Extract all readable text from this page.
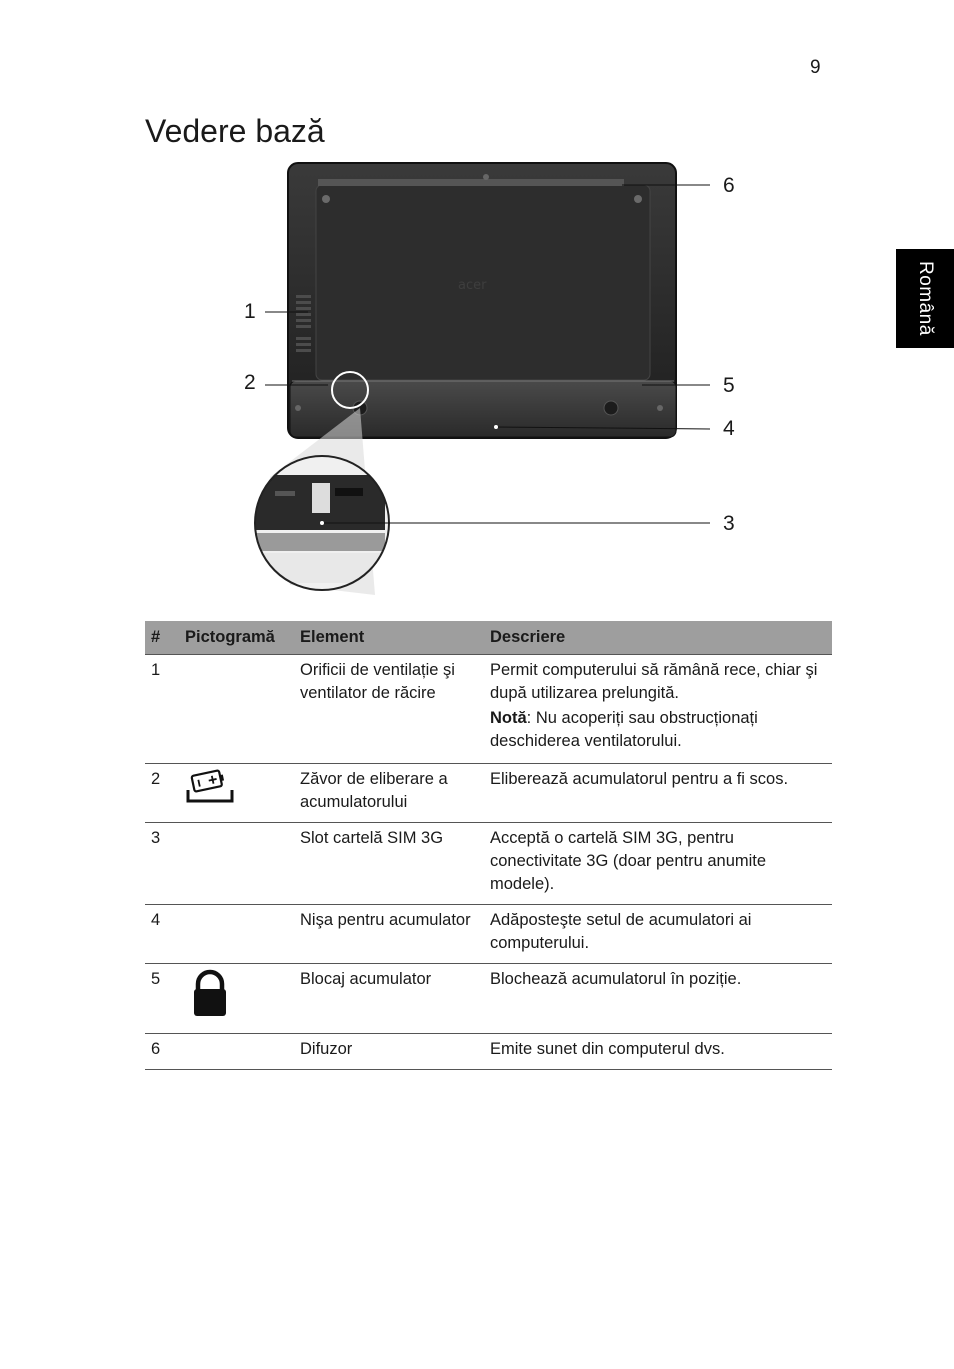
9
Vedere bază
Română
acer
1
2
3
4
5
6
#	Pictogramă	Element	Descriere
1		Orificii de ventilație şi ventilator de răcire	Permit computerului să rămână rece, chiar şi după utilizarea prelungită.

Notă: Nu acoperiți sau obstrucționați deschiderea ventilatorului.

2		Zăvor de eliberare a acumulatorului	Eliberează acumulatorul pentru a fi scos.
3		Slot cartelă SIM 3G	Acceptă o cartelă SIM 3G, pentru conectivitate 3G (doar pentru anumite modele).
4		Nişa pentru acumulator	Adăposteşte setul de acumulatori ai computerului.
5		Blocaj acumulator	Blochează acumulatorul în poziție.
6		Difuzor	Emite sunet din computerul dvs.
